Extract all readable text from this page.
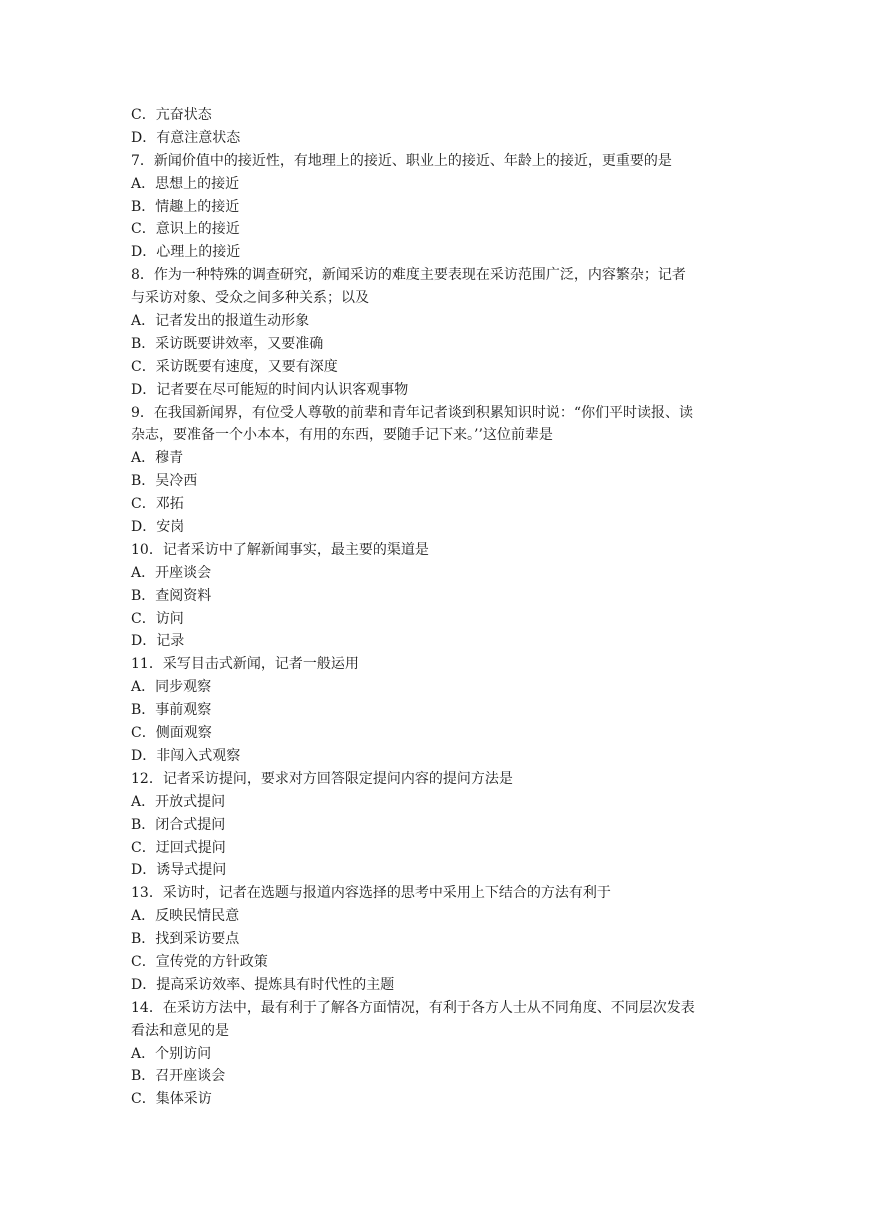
C．亢奋状态
D．有意注意状态
7．新闻价值中的接近性，有地理上的接近、职业上的接近、年龄上的接近，更重要的是
A．思想上的接近
B．情趣上的接近
C．意识上的接近
D．心理上的接近
8．作为一种特殊的调查研究，新闻采访的难度主要表现在采访范围广泛，内容繁杂；记者
与采访对象、受众之间多种关系；以及
A．记者发出的报道生动形象
B．采访既要讲效率，又要准确
C．采访既要有速度，又要有深度
D．记者要在尽可能短的时间内认识客观事物
9．在我国新闻界，有位受人尊敬的前辈和青年记者谈到积累知识时说：“你们平时读报、读
杂志，要准备一个小本本，有用的东西，要随手记下来。’’这位前辈是
A．穆青
B．吴冷西
C．邓拓
D．安岗
10．记者采访中了解新闻事实，最主要的渠道是
A．开座谈会
B．查阅资料
C．访问
D．记录
11．采写目击式新闻，记者一般运用
A．同步观察
B．事前观察
C．侧面观察
D．非闯入式观察
12．记者采访提问，要求对方回答限定提问内容的提问方法是
A．开放式提问
B．闭合式提问
C．迂回式提问
D．诱导式提问
13．采访时，记者在选题与报道内容选择的思考中采用上下结合的方法有利于
A．反映民情民意
B．找到采访要点
C．宣传党的方针政策
D．提高采访效率、提炼具有时代性的主题
14．在采访方法中，最有利于了解各方面情况，有利于各方人士从不同角度、不同层次发表
看法和意见的是
A．个别访问
B．召开座谈会
C．集体采访
